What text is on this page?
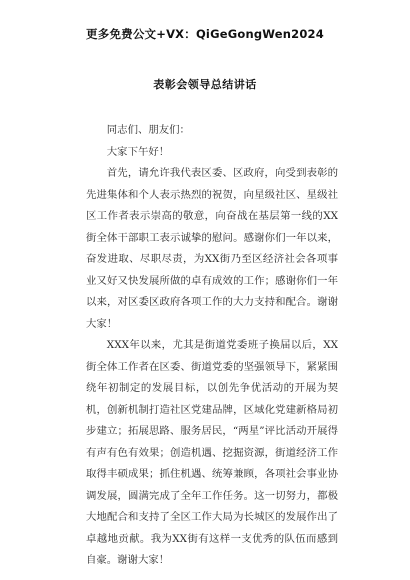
更多免费公文+VX：QiGeGongWen2024
表彰会领导总结讲话

同志们、朋友们：

大家下午好！

首先，请允许我代表区委、区政府，向受到表彰的先进集体和个人表示热烈的祝贺，向星级社区、星级社区工作者表示崇高的敬意，向奋战在基层第一线的XX街全体干部职工表示诚挚的慰问。感谢你们一年以来，奋发进取、尽职尽责，为XX街乃至区经济社会各项事业又好又快发展所做的卓有成效的工作；感谢你们一年以来，对区委区政府各项工作的大力支持和配合。谢谢大家！

XXX年以来，尤其是街道党委班子换届以后，XX街全体工作者在区委、街道党委的坚强领导下，紧紧围绕年初制定的发展目标，以创先争优活动的开展为契机，创新机制打造社区党建品牌，区域化党建新格局初步建立；拓展思路、服务居民，“两星”评比活动开展得有声有色有效果；创造机遇、挖掘资源，街道经济工作取得丰硕成果；抓住机遇、统筹兼顾，各项社会事业协调发展，圆满完成了全年工作任务。这一切努力，都极大地配合和支持了全区工作大局为长城区的发展作出了卓越地贡献。我为XX街有这样一支优秀的队伍而感到自豪。谢谢大家！
